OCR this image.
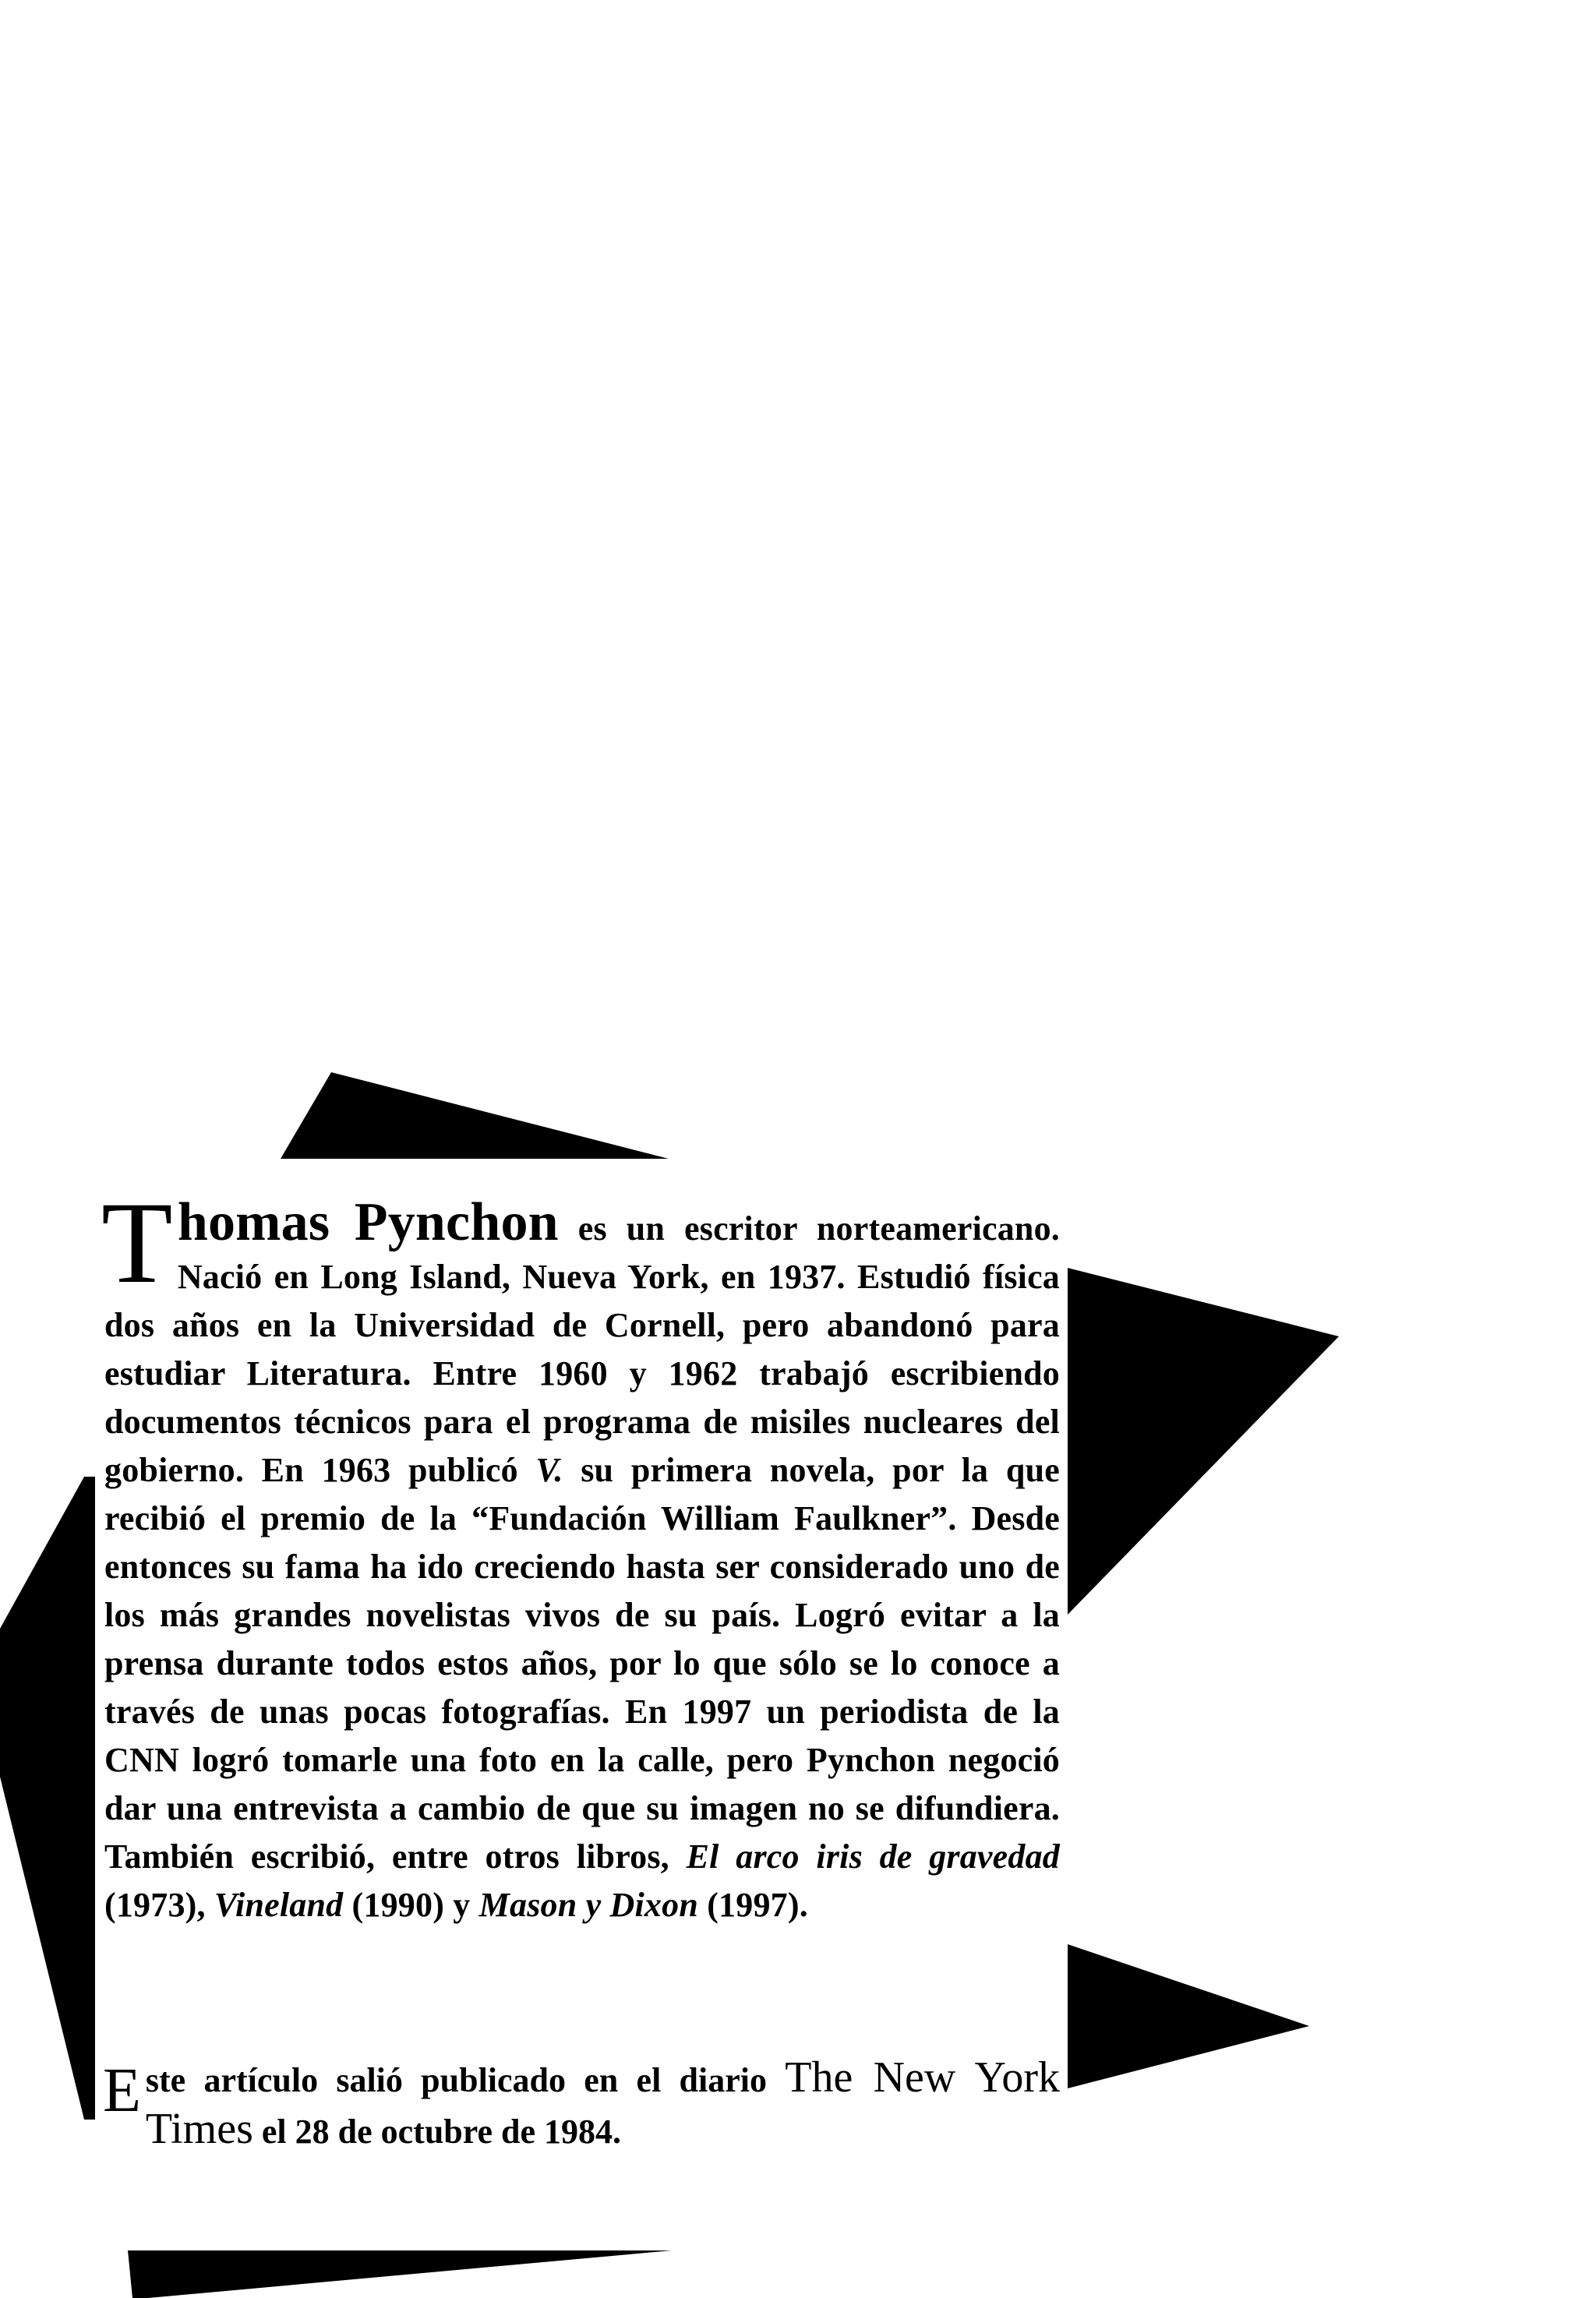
Thomas Pynchon es un escritor norteamericano. Nació en Long Island, Nueva York, en 1937. Estudió física dos años en la Universidad de Cornell, pero abandonó para estudiar Literatura. Entre 1960 y 1962 trabajó escribiendo documentos técnicos para el programa de misiles nucleares del gobierno. En 1963 publicó V. su primera novela, por la que recibió el premio de la “Fundación William Faulkner”. Desde entonces su fama ha ido creciendo hasta ser considerado uno de los más grandes novelistas vivos de su país. Logró evitar a la prensa durante todos estos años, por lo que sólo se lo conoce a través de unas pocas fotografías. En 1997 un periodista de la CNN logró tomarle una foto en la calle, pero Pynchon negoció dar una entrevista a cambio de que su imagen no se difundiera. También escribió, entre otros libros, El arco iris de gravedad (1973), Vineland (1990) y Mason y Dixon (1997).

Este artículo salió publicado en el diario The New York Times el 28 de octubre de 1984.
